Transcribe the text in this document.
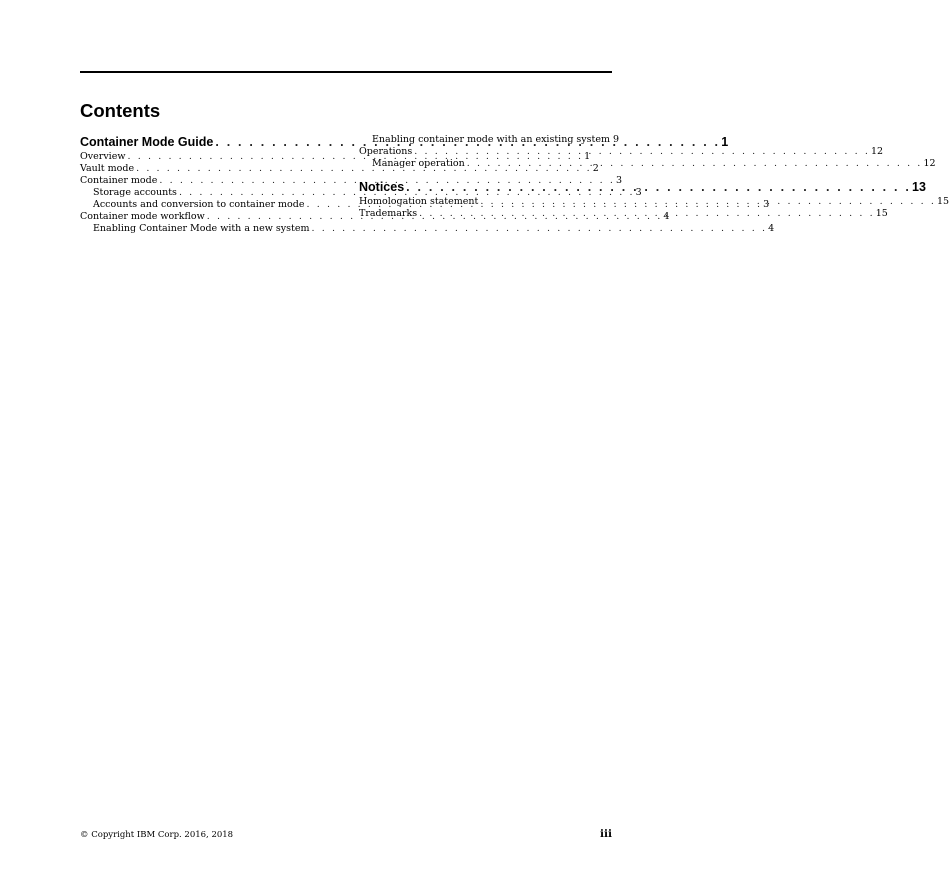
Contents
Container Mode Guide . . .	1
Overview . . .	1
Vault mode . . .	2
Container mode . . .	3
Storage accounts . . .	3
Accounts and conversion to container mode . . .	3
Container mode workflow . . .	4
Enabling Container Mode with a new system . . .	4
Enabling container mode with an existing system . . . 9
Operations . . .	12
Manager operation . . .	12
Notices . . .	13
Homologation statement . . .	15
Trademarks . . .	15

© Copyright IBM Corp. 2016, 2018	iii
